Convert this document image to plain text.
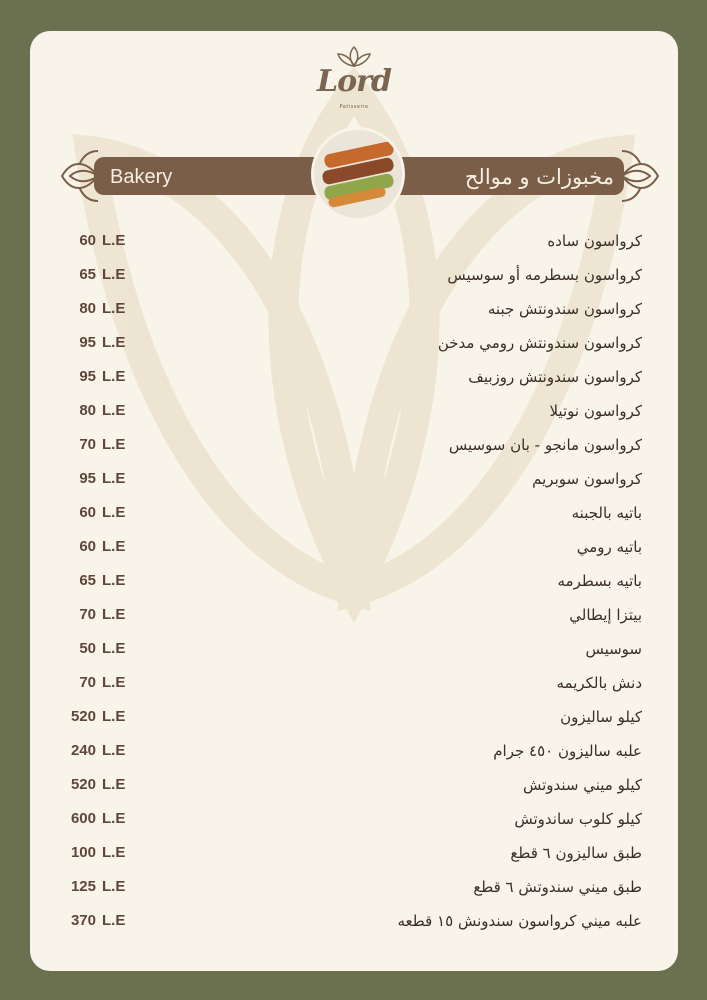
Lord
Patisserie
Bakery	مخبوزات و موالح
60 L.E	كرواسون ساده
65 L.E	كرواسون بسطرمه أو سوسيس
80 L.E	كرواسون سندونتش جبنه
95 L.E	كرواسون سندونتش رومي مدخن
95 L.E	كرواسون سندونتش روزبيف
80 L.E	كرواسون نوتيلا
70 L.E	كرواسون مانجو - بان سوسيس
95 L.E	كرواسون سوبريم
60 L.E	باتيه بالجبنه
60 L.E	باتيه رومي
65 L.E	باتيه بسطرمه
70 L.E	بيتزا إيطالي
50 L.E	سوسيس
70 L.E	دنش بالكريمه
520 L.E	كيلو ساليزون
240 L.E	علبه ساليزون ٤٥٠ جرام
520 L.E	كيلو ميني سندوتش
600 L.E	كيلو كلوب ساندوتش
100 L.E	طبق ساليزون ٦ قطع
125 L.E	طبق ميني سندوتش ٦ قطع
370 L.E	علبه ميني كرواسون سندونش ١٥ قطعه
